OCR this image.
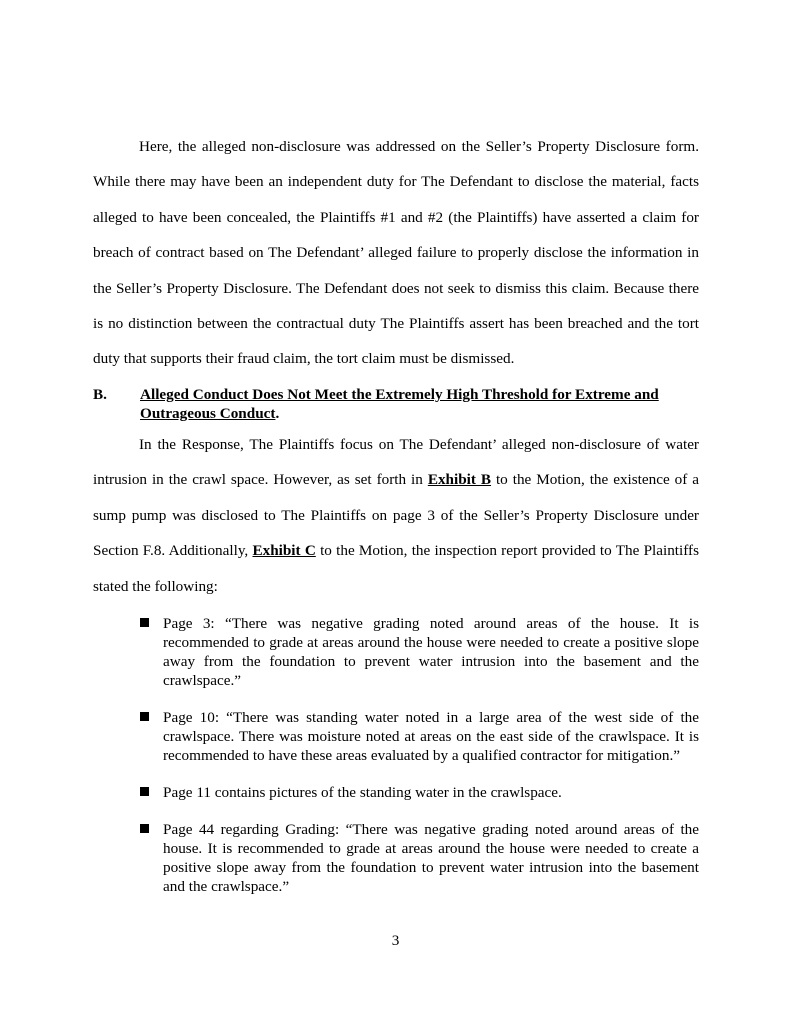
Here, the alleged non-disclosure was addressed on the Seller’s Property Disclosure form. While there may have been an independent duty for The Defendant to disclose the material, facts alleged to have been concealed, the Plaintiffs #1 and #2 (the Plaintiffs) have asserted a claim for breach of contract based on The Defendant’ alleged failure to properly disclose the information in the Seller’s Property Disclosure. The Defendant does not seek to dismiss this claim. Because there is no distinction between the contractual duty The Plaintiffs assert has been breached and the tort duty that supports their fraud claim, the tort claim must be dismissed.

B. Alleged Conduct Does Not Meet the Extremely High Threshold for Extreme and Outrageous Conduct.

In the Response, The Plaintiffs focus on The Defendant’ alleged non-disclosure of water intrusion in the crawl space. However, as set forth in Exhibit B to the Motion, the existence of a sump pump was disclosed to The Plaintiffs on page 3 of the Seller’s Property Disclosure under Section F.8. Additionally, Exhibit C to the Motion, the inspection report provided to The Plaintiffs stated the following:

Page 3: “There was negative grading noted around areas of the house. It is recommended to grade at areas around the house were needed to create a positive slope away from the foundation to prevent water intrusion into the basement and the crawlspace.”
Page 10: “There was standing water noted in a large area of the west side of the crawlspace. There was moisture noted at areas on the east side of the crawlspace. It is recommended to have these areas evaluated by a qualified contractor for mitigation.”
Page 11 contains pictures of the standing water in the crawlspace.
Page 44 regarding Grading: “There was negative grading noted around areas of the house. It is recommended to grade at areas around the house were needed to create a positive slope away from the foundation to prevent water intrusion into the basement and the crawlspace.”
3
